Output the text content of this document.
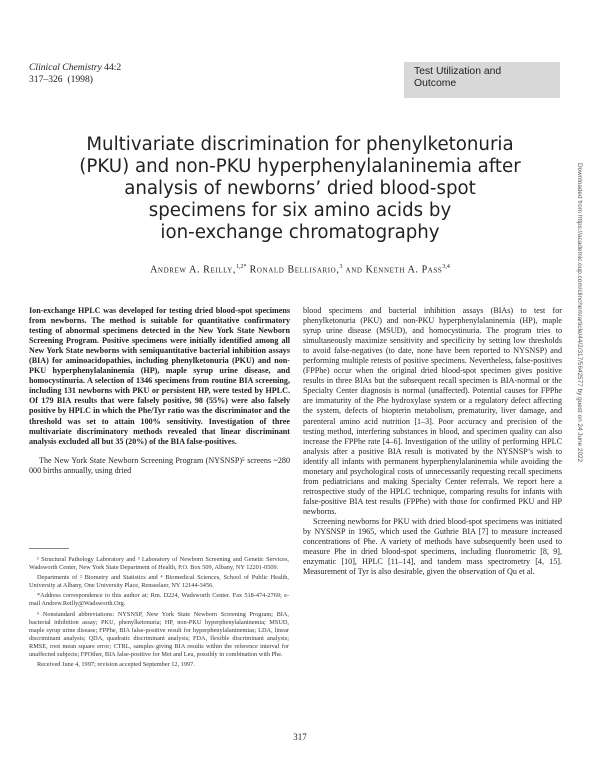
Clinical Chemistry 44:2
317–326 (1998)
Test Utilization and
Outcome
Multivariate discrimination for phenylketonuria
(PKU) and non-PKU hyperphenylalaninemia after
analysis of newborns’ dried blood-spot
specimens for six amino acids by
ion-exchange chromatography
Andrew A. Reilly,$^{1,2*}$ Ronald Bellisario,$^3$ and Kenneth A. Pass$^{3,4}$	Downloaded from https://academic.oup.com/clinchem/article/44/2/317/5642577 by guest on 24 June 2022

Ion-exchange HPLC was developed for testing dried blood-spot specimens from newborns. The method is suitable for quantitative confirmatory testing of abnormal specimens detected in the New York State Newborn Screening Program. Positive specimens were initially identified among all New York State newborns with semiquantitative bacterial inhibition assays (BIA) for aminoacidopathies, including phenylketonuria (PKU) and non-PKU hyperphenylalaninemia (HP), maple syrup urine disease, and homocystinuria. A selection of 1346 specimens from routine BIA screening, including 131 newborns with PKU or persistent HP, were tested by HPLC. Of 179 BIA results that were falsely positive, 98 (55%) were also falsely positive by HPLC in which the Phe/Tyr ratio was the discriminator and the threshold was set to attain 100% sensitivity. Investigation of three multivariate discriminatory methods revealed that linear discriminant analysis excluded all but 35 (20%) of the BIA false-positives.

The New York State Newborn Screening Program (NYSNSP)⁵ screens ~280 000 births annually, using dried

¹ Structural Pathology Laboratory and ³ Laboratory of Newborn Screening and Genetic Services, Wadsworth Center, New York State Department of Health, P.O. Box 509, Albany, NY 12201-0509.

Departments of ² Biometry and Statistics and ⁴ Biomedical Sciences, School of Public Health, University at Albany, One University Place, Rensselaer, NY 12144-3456.

*Address correspondence to this author at: Rm. D224, Wadsworth Center. Fax 518-474-2769; e-mail Andrew.Reilly@Wadsworth.Org.

⁵ Nonstandard abbreviations: NYSNSP, New York State Newborn Screening Program; BIA, bacterial inhibition assay; PKU, phenylketonuria; HP, non-PKU hyperphenylalaninemia; MSUD, maple syrup urine disease; FPPhe, BIA false-positive result for hyperphenylalaninemias; LDA, linear discriminant analysis; QDA, quadratic discriminant analysis; FDA, flexible discriminant analysis; RMSE, root mean square error; CTRL, samples giving BIA results within the reference interval for unaffected subjects; FPOther, BIA false-positive for Met and Leu, possibly in combination with Phe.

Received June 4, 1997; revision accepted September 12, 1997.

blood specimens and bacterial inhibition assays (BIAs) to test for phenylketonuria (PKU) and non-PKU hyperphenylalaninemia (HP), maple syrup urine disease (MSUD), and homocystinuria. The program tries to simultaneously maximize sensitivity and specificity by setting low thresholds to avoid false-negatives (to date, none have been reported to NYSNSP) and performing multiple retests of positive specimens. Nevertheless, false-positives (FPPhe) occur when the original dried blood-spot specimen gives positive results in three BIAs but the subsequent recall specimen is BIA-normal or the Specialty Center diagnosis is normal (unaffected). Potential causes for FPPhe are immaturity of the Phe hydroxylase system or a regulatory defect affecting the system, defects of biopterin metabolism, prematurity, liver damage, and parenteral amino acid nutrition [1–3]. Poor accuracy and precision of the testing method, interfering substances in blood, and specimen quality can also increase the FPPhe rate [4–6]. Investigation of the utility of performing HPLC analysis after a positive BIA result is motivated by the NYSNSP’s wish to identify all infants with permanent hyperphenylalaninemia while avoiding the monetary and psychological costs of unnecessarily requesting recall specimens from pediatricians and making Specialty Center referrals. We report here a retrospective study of the HPLC technique, comparing results for infants with false-positive BIA test results (FPPhe) with those for confirmed PKU and HP newborns.

Screening newborns for PKU with dried blood-spot specimens was initiated by NYSNSP in 1965, which used the Guthrie BIA [7] to measure increased concentrations of Phe. A variety of methods have subsequently been used to measure Phe in dried blood-spot specimens, including fluorometric [8, 9], enzymatic [10], HPLC [11–14], and tandem mass spectrometry [4, 15]. Measurement of Tyr is also desirable, given the observation of Qu et al.

317
